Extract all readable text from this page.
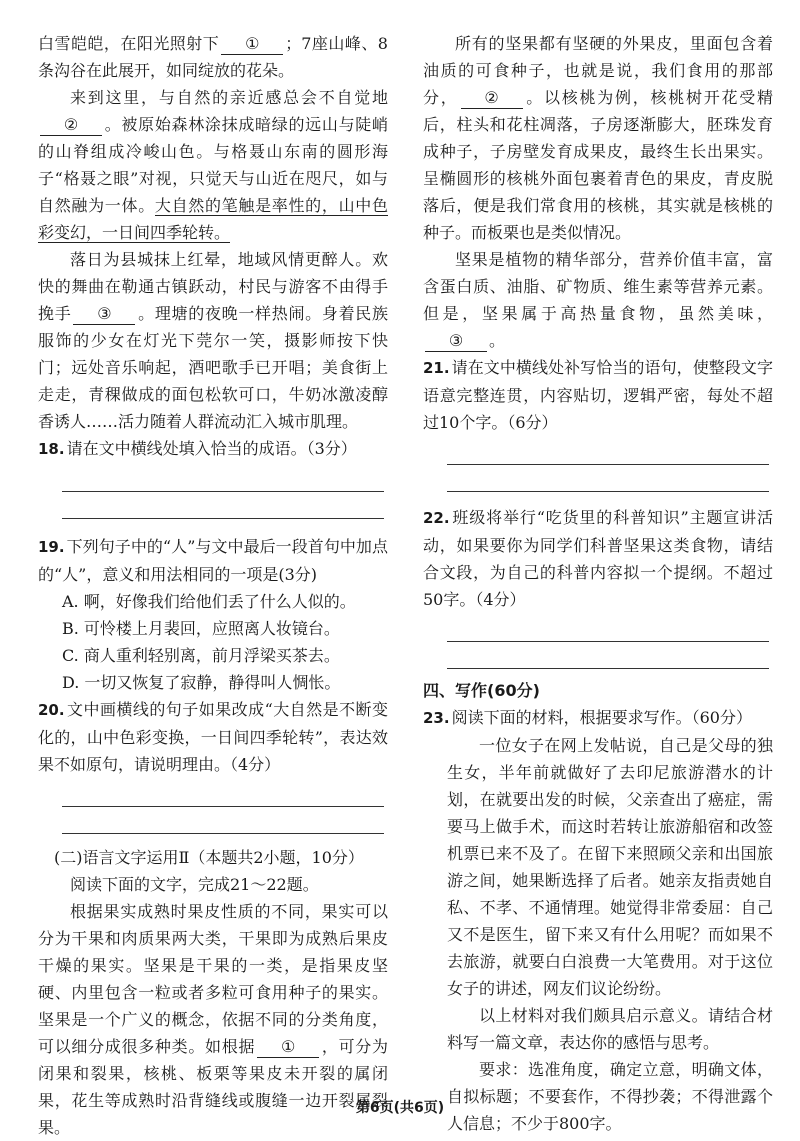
白雪皑皑，在阳光照射下 ① ；7座山峰、8条沟谷在此展开，如同绽放的花朵。

来到这里，与自然的亲近感总会不自觉地② 。被原始森林涂抹成暗绿的远山与陡峭的山脊组成冷峻山色。与格聂山东南的圆形海子“格聂之眼”对视，只觉天与山近在咫尺，如与自然融为一体。大自然的笔触是率性的，山中色彩变幻，一日间四季轮转。

落日为县城抹上红晕，地域风情更醉人。欢快的舞曲在勒通古镇跃动，村民与游客不由得手挽手 ③ 。理塘的夜晚一样热闹。身着民族服饰的少女在灯光下莞尔一笑，摄影师按下快门；远处音乐响起，酒吧歌手已开唱；美食街上走走，青稞做成的面包松软可口，牛奶冰激凌醇香诱人……活力随着人群流动汇入城市肌理。

18. 请在文中横线处填入恰当的成语。（3分）

19. 下列句子中的“人”与文中最后一段首句中加点的“人”，意义和用法相同的一项是(3分)

A. 啊，好像我们给他们丢了什么人似的。

B. 可怜楼上月裴回，应照离人妆镜台。

C. 商人重利轻别离，前月浮梁买茶去。

D. 一切又恢复了寂静，静得叫人惆怅。

20. 文中画横线的句子如果改成“大自然是不断变化的，山中色彩变换，一日间四季轮转”，表达效果不如原句，请说明理由。（4分）

(二)语言文字运用Ⅱ（本题共2小题，10分）

阅读下面的文字，完成21～22题。

根据果实成熟时果皮性质的不同，果实可以分为干果和肉质果两大类，干果即为成熟后果皮干燥的果实。坚果是干果的一类，是指果皮坚硬、内里包含一粒或者多粒可食用种子的果实。坚果是一个广义的概念，依据不同的分类角度，可以细分成很多种类。如根据 ① ，可分为闭果和裂果，核桃、板栗等果皮未开裂的属闭果，花生等成熟时沿背缝线或腹缝一边开裂属裂果。

所有的坚果都有坚硬的外果皮，里面包含着油质的可食种子，也就是说，我们食用的那部分， ② 。以核桃为例，核桃树开花受精后，柱头和花柱凋落，子房逐渐膨大，胚珠发育成种子，子房壁发育成果皮，最终生长出果实。呈椭圆形的核桃外面包裹着青色的果皮，青皮脱落后，便是我们常食用的核桃，其实就是核桃的种子。而板栗也是类似情况。

坚果是植物的精华部分，营养价值丰富，富含蛋白质、油脂、矿物质、维生素等营养元素。但是，坚果属于高热量食物，虽然美味，③ 。

21. 请在文中横线处补写恰当的语句，使整段文字语意完整连贯，内容贴切，逻辑严密，每处不超过10个字。（6分）

22. 班级将举行“吃货里的科普知识”主题宣讲活动，如果要你为同学们科普坚果这类食物，请结合文段，为自己的科普内容拟一个提纲。不超过50字。（4分）

四、写作(60分)

23. 阅读下面的材料，根据要求写作。（60分）

一位女子在网上发帖说，自己是父母的独生女，半年前就做好了去印尼旅游潜水的计划，在就要出发的时候，父亲查出了癌症，需要马上做手术，而这时若转让旅游船宿和改签机票已来不及了。在留下来照顾父亲和出国旅游之间，她果断选择了后者。她亲友指责她自私、不孝、不通情理。她觉得非常委屈：自己又不是医生，留下来又有什么用呢？而如果不去旅游，就要白白浪费一大笔费用。对于这位女子的讲述，网友们议论纷纷。

以上材料对我们颇具启示意义。请结合材料写一篇文章，表达你的感悟与思考。

要求：选准角度，确定立意，明确文体，自拟标题；不要套作，不得抄袭；不得泄露个人信息；不少于800字。

第6页(共6页)
